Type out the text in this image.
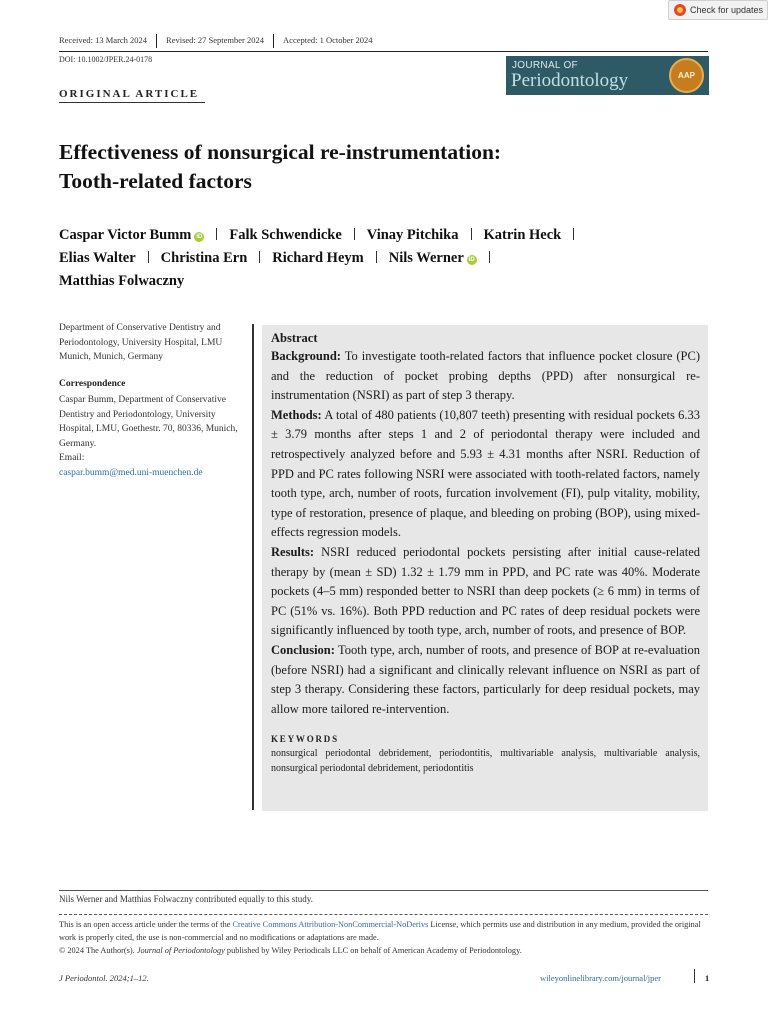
Check for updates
Received: 13 March 2024	Revised: 27 September 2024	Accepted: 1 October 2024
DOI: 10.1002/JPER.24-0178
ORIGINAL ARTICLE
JOURNAL OF
Periodontology
AAP
Effectiveness of nonsurgical re-instrumentation:
Tooth-related factors
Caspar Victor Bumm iD Falk Schwendicke Vinay Pitchika Katrin Heck
Elias Walter Christina Ern Richard Heym Nils Werner iD
Matthias Folwaczny
Department of Conservative Dentistry and Periodontology, University Hospital, LMU Munich, Munich, Germany
Correspondence
Caspar Bumm, Department of Conservative Dentistry and Periodontology, University Hospital, LMU, Goethestr. 70, 80336, Munich, Germany.
Email:
caspar.bumm@med.uni-muenchen.de
Abstract

Background: To investigate tooth-related factors that influence pocket closure (PC) and the reduction of pocket probing depths (PPD) after nonsurgical re-instrumentation (NSRI) as part of step 3 therapy.

Methods: A total of 480 patients (10,807 teeth) presenting with residual pockets 6.33 ± 3.79 months after steps 1 and 2 of periodontal therapy were included and retrospectively analyzed before and 5.93 ± 4.31 months after NSRI. Reduction of PPD and PC rates following NSRI were associated with tooth-related factors, namely tooth type, arch, number of roots, furcation involvement (FI), pulp vitality, mobility, type of restoration, presence of plaque, and bleeding on probing (BOP), using mixed-effects regression models.

Results: NSRI reduced periodontal pockets persisting after initial cause-related therapy by (mean ± SD) 1.32 ± 1.79 mm in PPD, and PC rate was 40%. Moderate pockets (4–5 mm) responded better to NSRI than deep pockets (≥ 6 mm) in terms of PC (51% vs. 16%). Both PPD reduction and PC rates of deep residual pockets were significantly influenced by tooth type, arch, number of roots, and presence of BOP.

Conclusion: Tooth type, arch, number of roots, and presence of BOP at re-evaluation (before NSRI) had a significant and clinically relevant influence on NSRI as part of step 3 therapy. Considering these factors, particularly for deep residual pockets, may allow more tailored re-intervention.

KEYWORDS
nonsurgical periodontal debridement, periodontitis, multivariable analysis, multivariable analysis, nonsurgical periodontal debridement, periodontitis
Nils Werner and Matthias Folwaczny contributed equally to this study.
This is an open access article under the terms of the Creative Commons Attribution-NonCommercial-NoDerivs License, which permits use and distribution in any medium, provided the original work is properly cited, the use is non-commercial and no modifications or adaptations are made.
© 2024 The Author(s). Journal of Periodontology published by Wiley Periodicals LLC on behalf of American Academy of Periodontology.
J Periodontol. 2024;1–12.	wileyonlinelibrary.com/journal/jper	1
